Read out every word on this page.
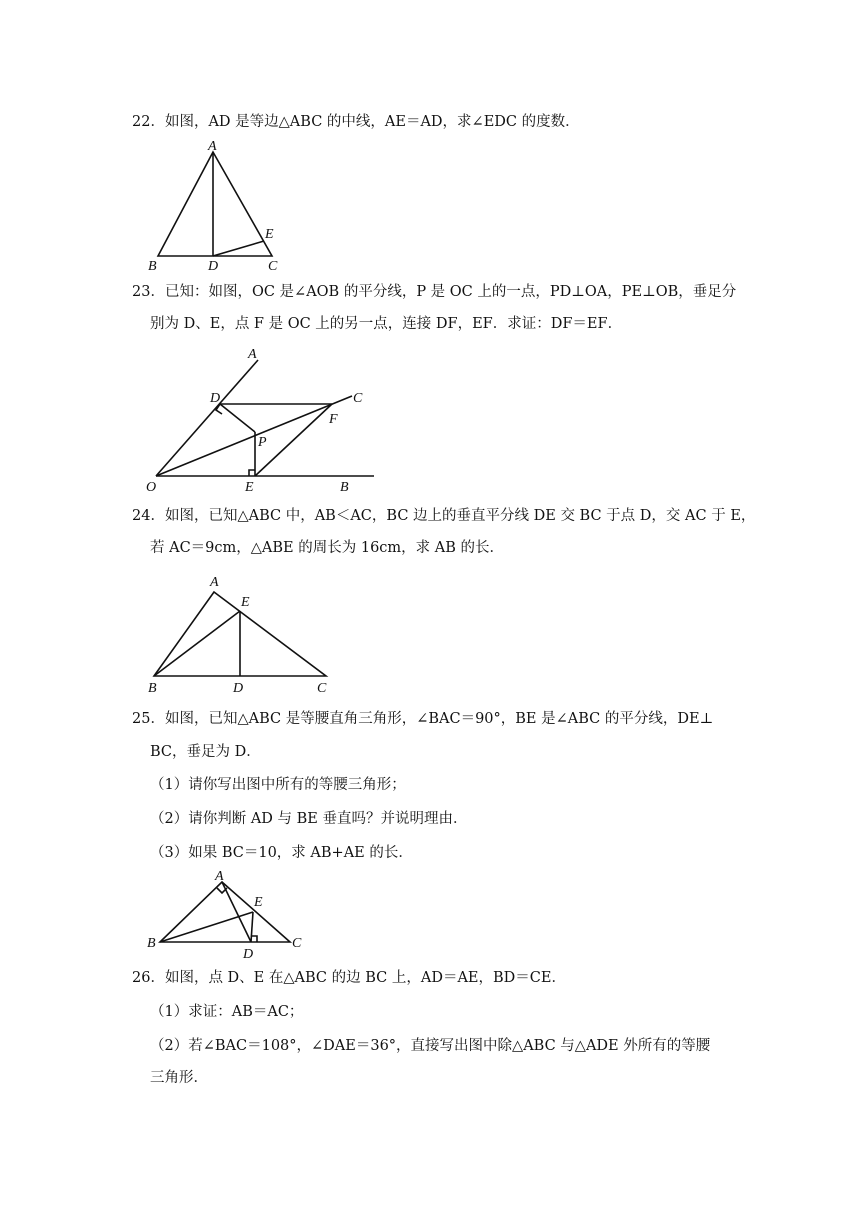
22．如图，AD 是等边△ABC 的中线，AE＝AD，求∠EDC 的度数．
A
B	D	C
E
23．已知：如图，OC 是∠AOB 的平分线，P 是 OC 上的一点，PD⊥OA，PE⊥OB，垂足分
别为 D、E，点 F 是 OC 上的另一点，连接 DF，EF．求证：DF＝EF．
A
C
D
F
P
O	E	B
24．如图，已知△ABC 中，AB＜AC，BC 边上的垂直平分线 DE 交 BC 于点 D，交 AC 于 E，
若 AC＝9cm，△ABE 的周长为 16cm，求 AB 的长．
A
E
B	D	C
25．如图，已知△ABC 是等腰直角三角形，∠BAC＝90°，BE 是∠ABC 的平分线，DE⊥
BC，垂足为 D．
（1）请你写出图中所有的等腰三角形；
（2）请你判断 AD 与 BE 垂直吗？并说明理由．
（3）如果 BC＝10，求 AB+AE 的长．
A
E
B
D
C
26．如图，点 D、E 在△ABC 的边 BC 上，AD＝AE，BD＝CE．
（1）求证：AB＝AC；
（2）若∠BAC＝108°，∠DAE＝36°，直接写出图中除△ABC 与△ADE 外所有的等腰
三角形．
